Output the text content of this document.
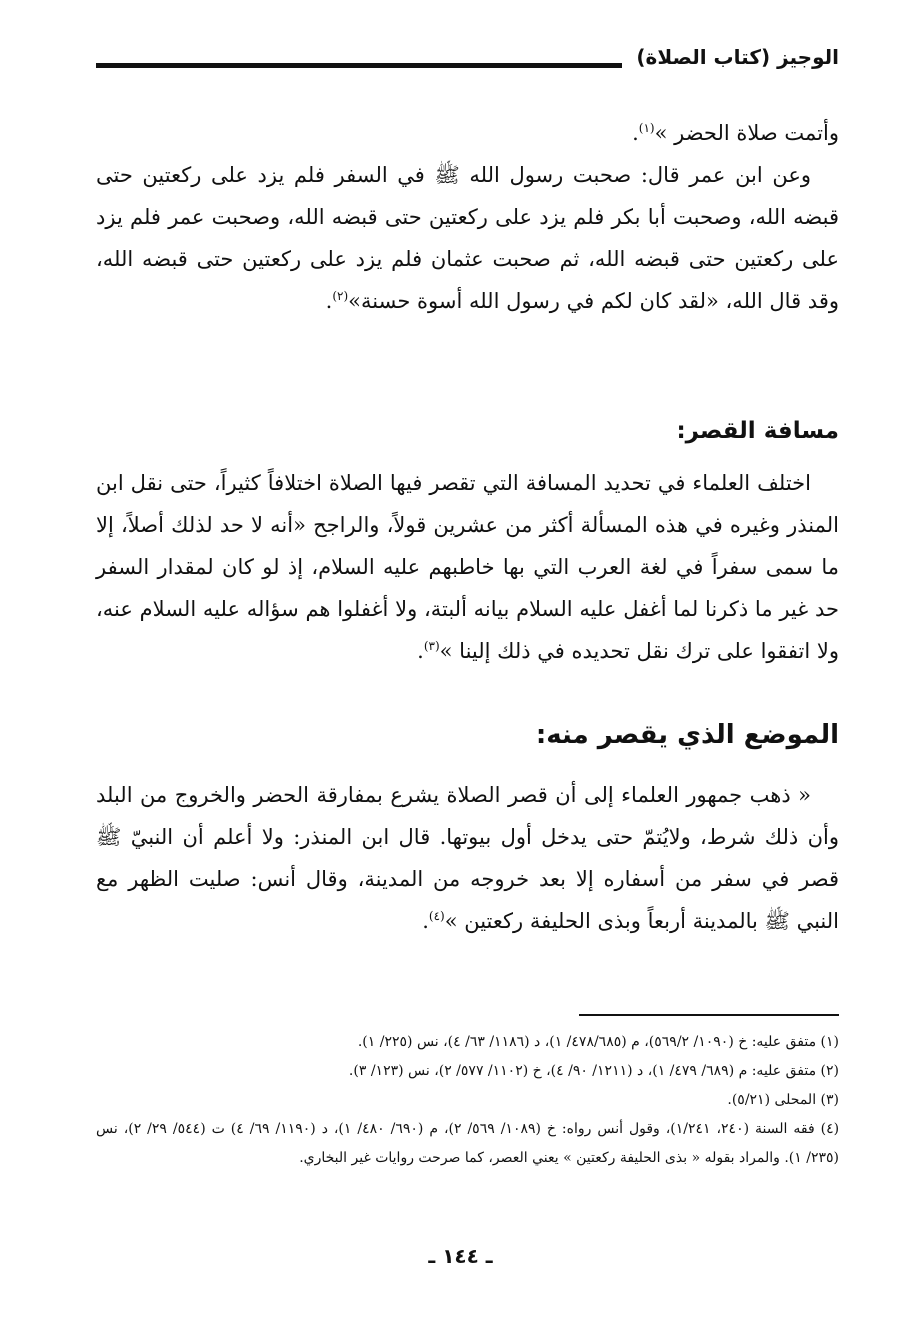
الوجيز (كتاب الصلاة)

وأتمت صلاة الحضر »$^{(١)}$.

وعن ابن عمر قال: صحبت رسول الله ﷺ في السفر فلم يزد على ركعتين حتى قبضه الله، وصحبت أبا بكر فلم يزد على ركعتين حتى قبضه الله، وصحبت عمر فلم يزد على ركعتين حتى قبضه الله، ثم صحبت عثمان فلم يزد على ركعتين حتى قبضه الله، وقد قال الله، «لقد كان لكم في رسول الله أسوة حسنة»$^{(٢)}$.

مسافة القصر:

اختلف العلماء في تحديد المسافة التي تقصر فيها الصلاة اختلافاً كثيراً، حتى نقل ابن المنذر وغيره في هذه المسألة أكثر من عشرين قولاً، والراجح «أنه لا حد لذلك أصلاً، إلا ما سمى سفراً في لغة العرب التي بها خاطبهم عليه السلام، إذ لو كان لمقدار السفر حد غير ما ذكرنا لما أغفل عليه السلام بيانه ألبتة، ولا أغفلوا هم سؤاله عليه السلام عنه، ولا اتفقوا على ترك نقل تحديده في ذلك إلينا »$^{(٣)}$.

الموضع الذي يقصر منه:

« ذهب جمهور العلماء إلى أن قصر الصلاة يشرع بمفارقة الحضر والخروج من البلد وأن ذلك شرط، ولايُتمّ حتى يدخل أول بيوتها. قال ابن المنذر: ولا أعلم أن النبيّ ﷺ قصر في سفر من أسفاره إلا بعد خروجه من المدينة، وقال أنس: صليت الظهر مع النبي ﷺ بالمدينة أربعاً وبذى الحليفة ركعتين »$^{(٤)}$.

(١) متفق عليه: خ (١٠٩٠/ ٥٦٩/٢)، م (٤٧٨/٦٨٥/ ١)، د (١١٨٦/ ٦٣/ ٤)، نس (٢٢٥/ ١).

(٢) متفق عليه: م (٦٨٩/ ٤٧٩/ ١)، د (١٢١١/ ٩٠/ ٤)، خ (١١٠٢/ ٥٧٧/ ٢)، نس (١٢٣/ ٣).

(٣) المحلى (٥/٢١).

(٤) فقه السنة (٢٤٠، ١/٢٤١)، وقول أنس رواه: خ (١٠٨٩/ ٥٦٩/ ٢)، م (٦٩٠/ ٤٨٠/ ١)، د (١١٩٠/ ٦٩/ ٤) ت (٥٤٤/ ٢٩/ ٢)، نس (٢٣٥/ ١). والمراد بقوله « بذى الحليفة ركعتين » يعني العصر، كما صرحت روايات غير البخاري.

ـ ١٤٤ ـ
